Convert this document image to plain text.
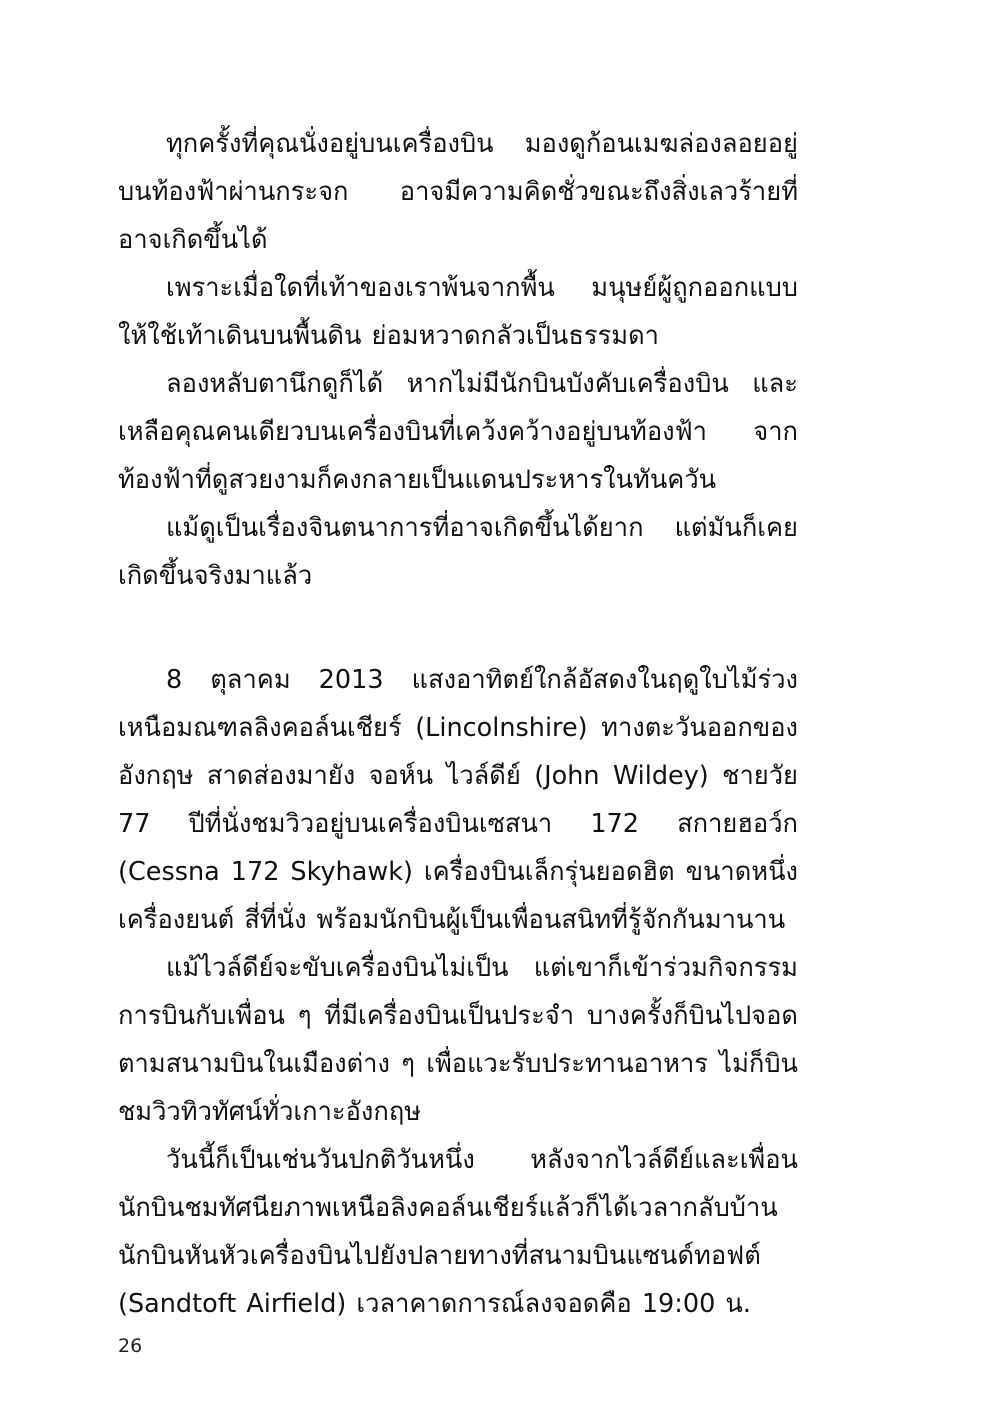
ทุกครั้งที่คุณนั่งอยู่บนเครื่องบิน มองดูก้อนเมฆล่องลอยอยู่บนท้องฟ้าผ่านกระจก อาจมีความคิดชั่วขณะถึงสิ่งเลวร้ายที่อาจเกิดขึ้นได้

เพราะเมื่อใดที่เท้าของเราพ้นจากพื้น มนุษย์ผู้ถูกออกแบบให้ใช้เท้าเดินบนพื้นดิน ย่อมหวาดกลัวเป็นธรรมดา

ลองหลับตานึกดูก็ได้ หากไม่มีนักบินบังคับเครื่องบิน และเหลือคุณคนเดียวบนเครื่องบินที่เคว้งคว้างอยู่บนท้องฟ้า จากท้องฟ้าที่ดูสวยงามก็คงกลายเป็นแดนประหารในทันควัน

แม้ดูเป็นเรื่องจินตนาการที่อาจเกิดขึ้นได้ยาก แต่มันก็เคยเกิดขึ้นจริงมาแล้ว

8 ตุลาคม 2013 แสงอาทิตย์ใกล้อัสดงในฤดูใบไม้ร่วงเหนือมณฑลลิงคอล์นเชียร์ (Lincolnshire) ทางตะวันออกของอังกฤษ สาดส่องมายัง จอห์น ไวล์ดีย์ (John Wildey) ชายวัย 77 ปีที่นั่งชมวิวอยู่บนเครื่องบินเซสนา 172 สกายฮอว์ก (Cessna 172 Skyhawk) เครื่องบินเล็กรุ่นยอดฮิต ขนาดหนึ่งเครื่องยนต์ สี่ที่นั่ง พร้อมนักบินผู้เป็นเพื่อนสนิทที่รู้จักกันมานาน

แม้ไวล์ดีย์จะขับเครื่องบินไม่เป็น แต่เขาก็เข้าร่วมกิจกรรมการบินกับเพื่อน ๆ ที่มีเครื่องบินเป็นประจำ บางครั้งก็บินไปจอดตามสนามบินในเมืองต่าง ๆ เพื่อแวะรับประทานอาหาร ไม่ก็บินชมวิวทิวทัศน์ทั่วเกาะอังกฤษ

วันนี้ก็เป็นเช่นวันปกติวันหนึ่ง หลังจากไวล์ดีย์และเพื่อนนักบินชมทัศนียภาพเหนือลิงคอล์นเชียร์แล้วก็ได้เวลากลับบ้าน นักบินหันหัวเครื่องบินไปยังปลายทางที่สนามบินแซนด์ทอฟต์ (Sandtoft Airfield) เวลาคาดการณ์ลงจอดคือ 19:00 น.

26
